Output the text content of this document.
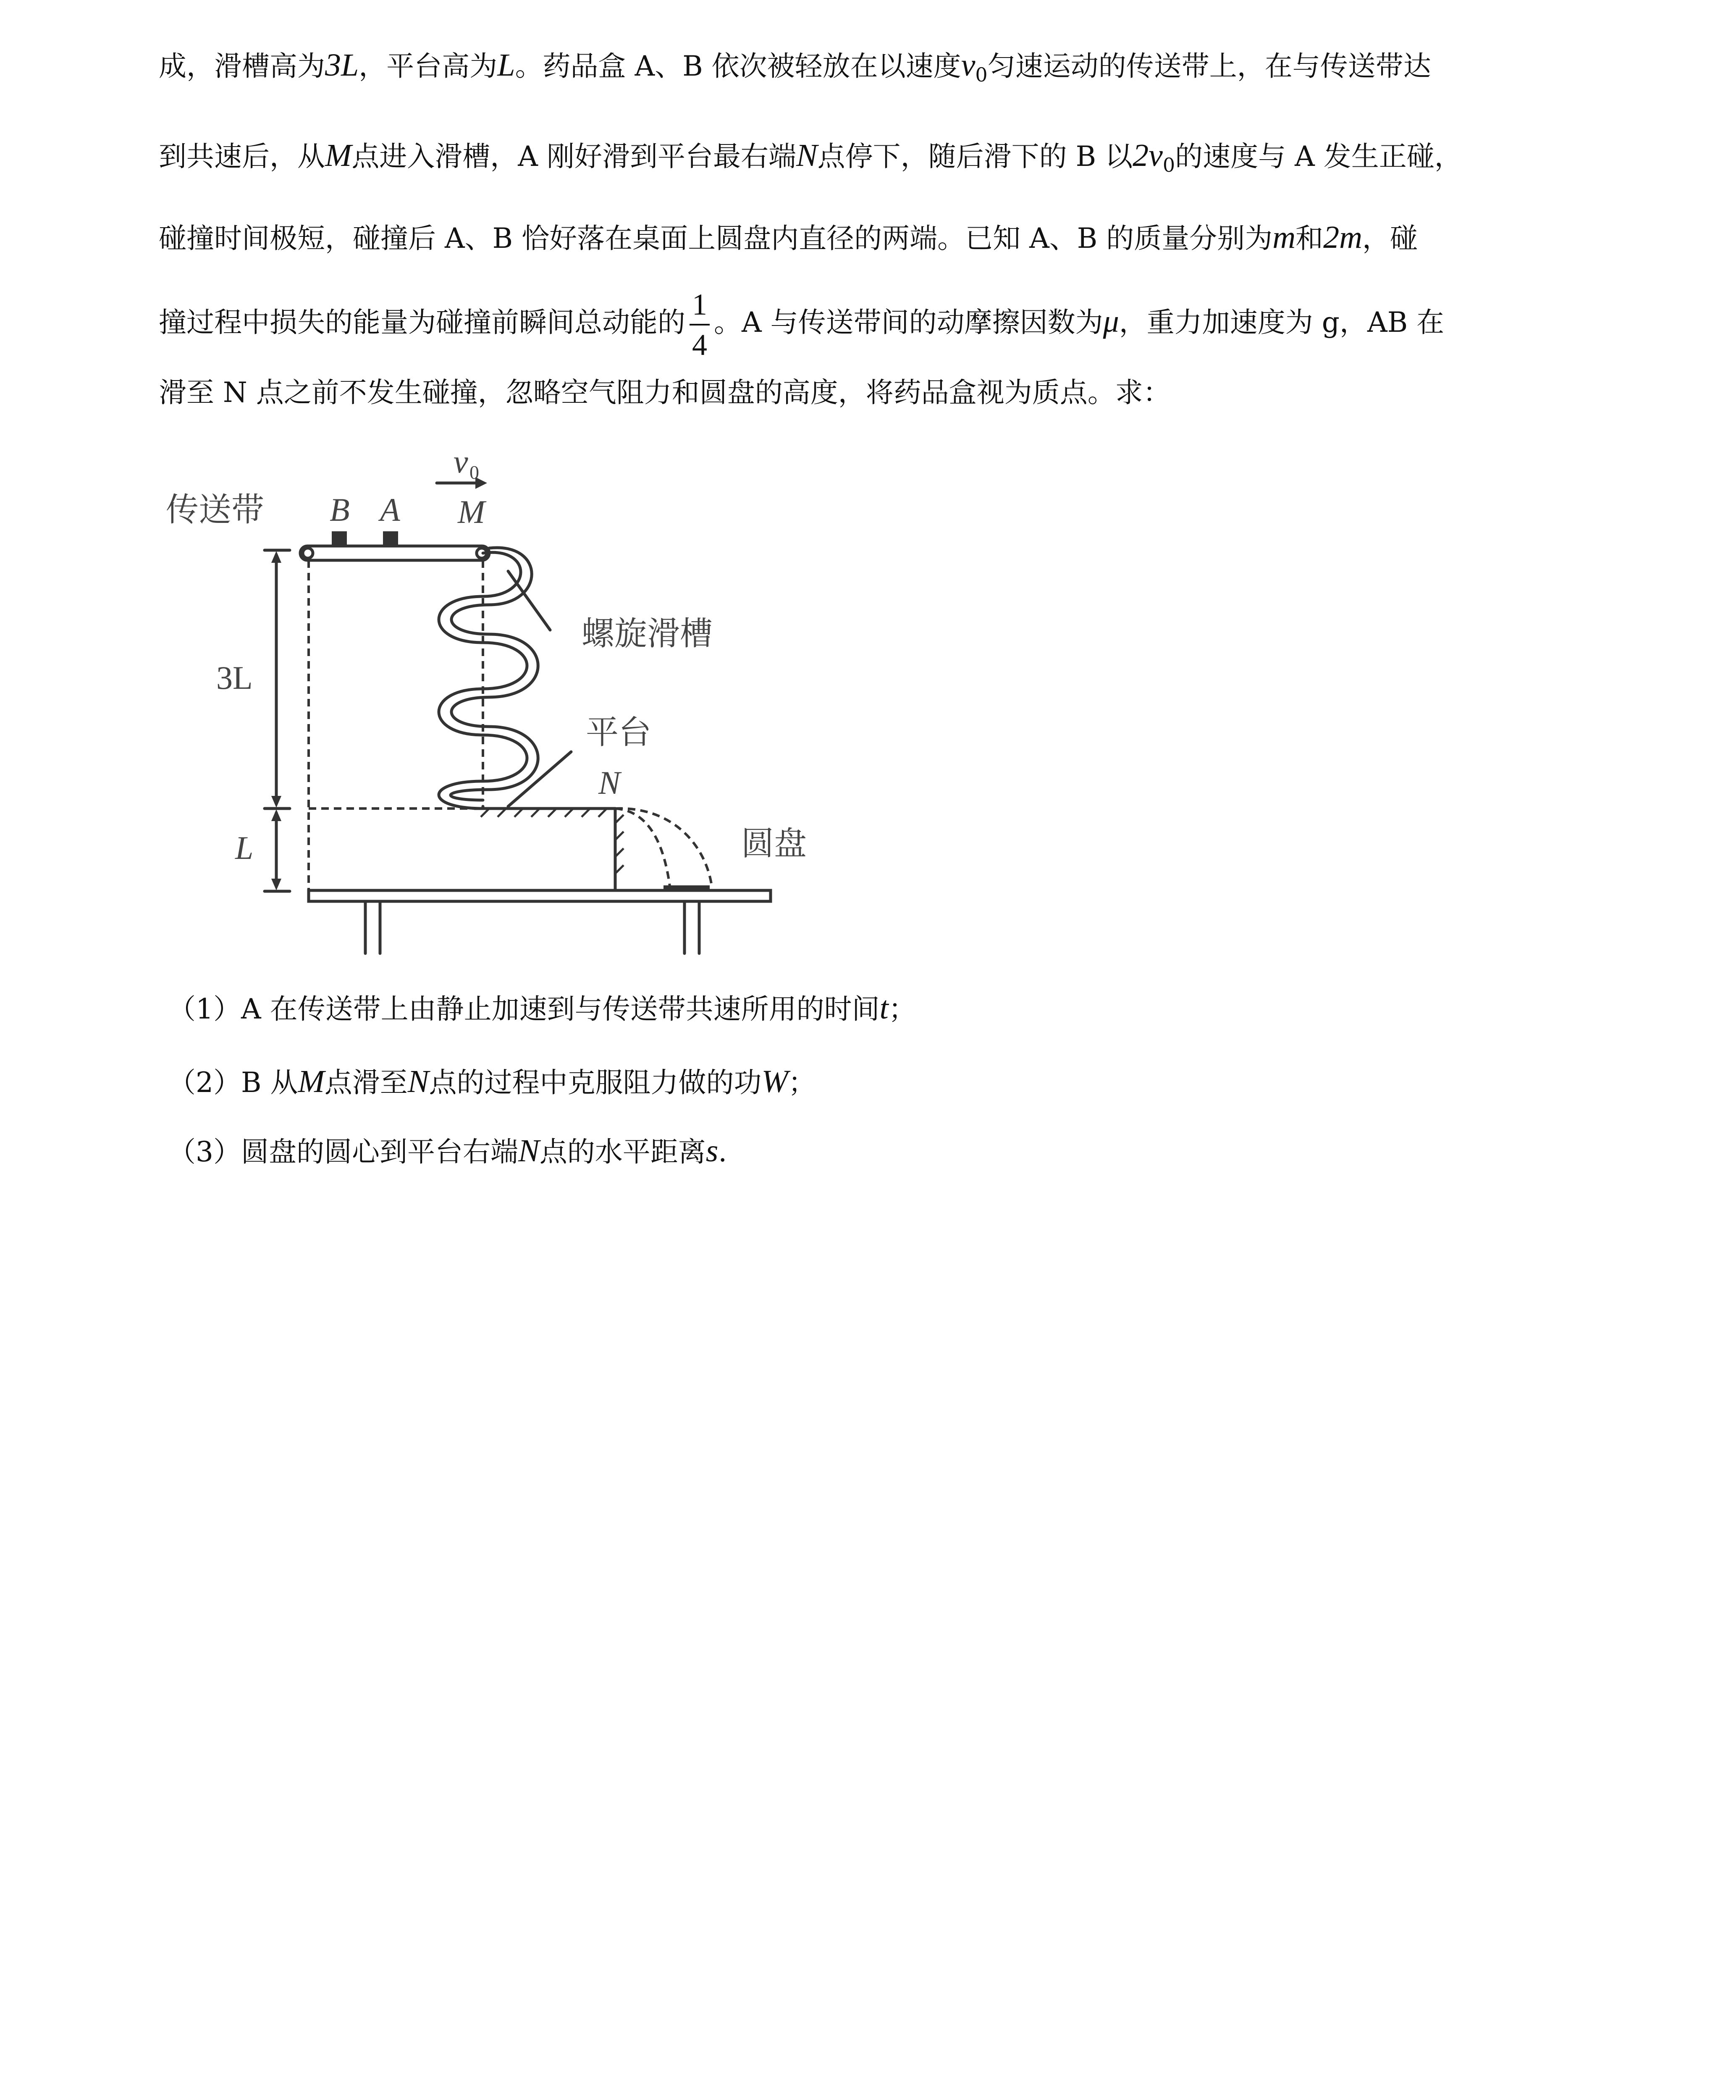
成，滑槽高为3L，平台高为L。药品盒 A、B 依次被轻放在以速度$v_0$匀速运动的传送带上，在与传送带达
到共速后，从M点进入滑槽，A 刚好滑到平台最右端N点停下，随后滑下的 B 以$2v_0$的速度与 A 发生正碰，
碰撞时间极短，碰撞后 A、B 恰好落在桌面上圆盘内直径的两端。已知 A、B 的质量分别为m和2m，碰
撞过程中损失的能量为碰撞前瞬间总动能的 $\frac{1}{4}$ 。A 与传送带间的动摩擦因数为μ，重力加速度为 g，AB 在
滑至 N 点之前不发生碰撞，忽略空气阻力和圆盘的高度，将药品盒视为质点。求：
传送带
螺旋滑槽
平台
圆盘
B A
v 0
M
N
3L
L
（1）A 在传送带上由静止加速到与传送带共速所用的时间t；
（2）B 从M点滑至N点的过程中克服阻力做的功W；
（3）圆盘的圆心到平台右端N点的水平距离s.
